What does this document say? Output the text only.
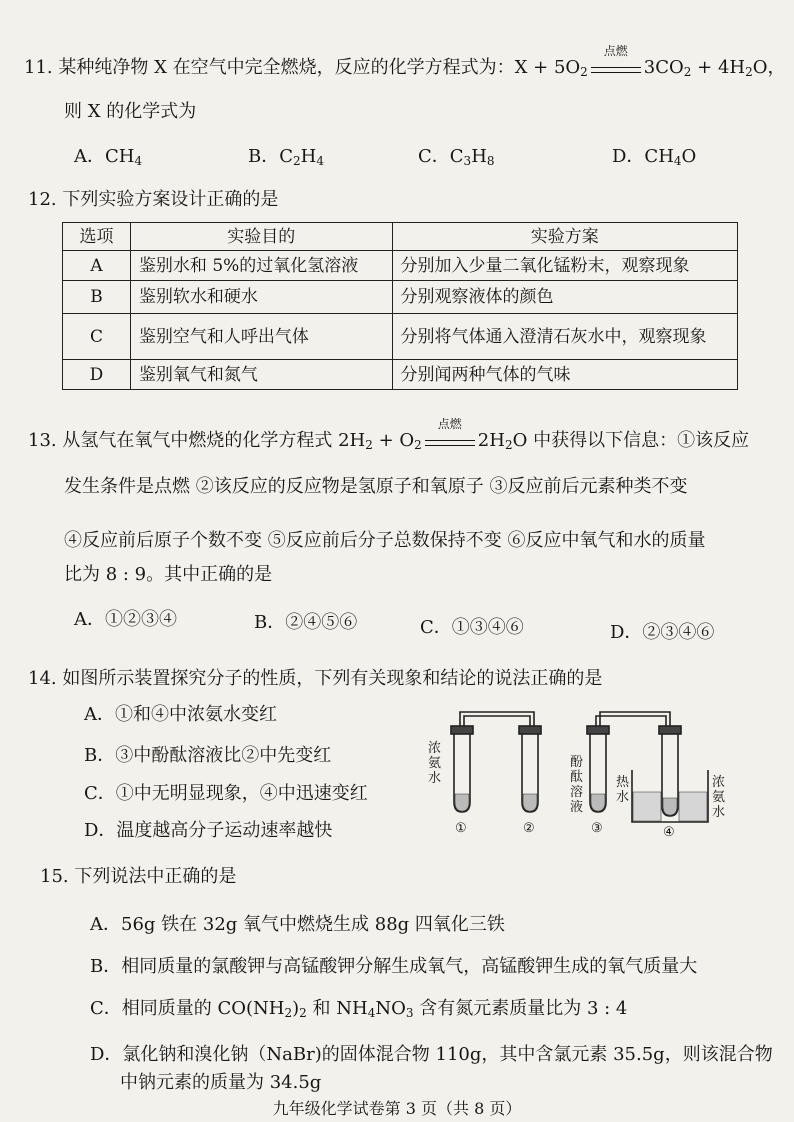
11. 某种纯净物 X 在空气中完全燃烧，反应的化学方程式为：$X + 5O_2$
点燃
$3CO_2 + 4H_2O$，
则 X 的化学式为
A．$CH_4$	B．$C_2H_4$	C．$C_3H_8$	D．$CH_4O$
12. 下列实验方案设计正确的是
选项	实验目的	实验方案
A	鉴别水和 5%的过氧化氢溶液	分别加入少量二氧化锰粉末，观察现象
B	鉴别软水和硬水	分别观察液体的颜色
C	鉴别空气和人呼出气体	分别将气体通入澄清石灰水中，观察现象
D	鉴别氧气和氮气	分别闻两种气体的气味
13. 从氢气在氧气中燃烧的化学方程式 $2H_2 + O_2$
点燃
$2H_2O$ 中获得以下信息：①该反应
发生条件是点燃 ②该反应的反应物是氢原子和氧原子 ③反应前后元素种类不变
④反应前后原子个数不变 ⑤反应前后分子总数保持不变 ⑥反应中氧气和水的质量
比为 8 : 9。其中正确的是
A．①②③④	B．②④⑤⑥	C．①③④⑥	D．②③④⑥
14. 如图所示装置探究分子的性质，下列有关现象和结论的说法正确的是
A．①和④中浓氨水变红
B．③中酚酞溶液比②中先变红
C．①中无明显现象，④中迅速变红
D．温度越高分子运动速率越快
浓氨水
酚酞溶液
热水
浓氨水
①	②	③	④
15. 下列说法中正确的是
A．56g 铁在 32g 氧气中燃烧生成 88g 四氧化三铁
B．相同质量的氯酸钾与高锰酸钾分解生成氧气，高锰酸钾生成的氧气质量大
C．相同质量的 $CO(NH_2)_2$ 和 $NH_4NO_3$ 含有氮元素质量比为 3 : 4
D．氯化钠和溴化钠（NaBr)的固体混合物 110g，其中含氯元素 35.5g，则该混合物
中钠元素的质量为 34.5g
九年级化学试卷第 3 页（共 8 页）
